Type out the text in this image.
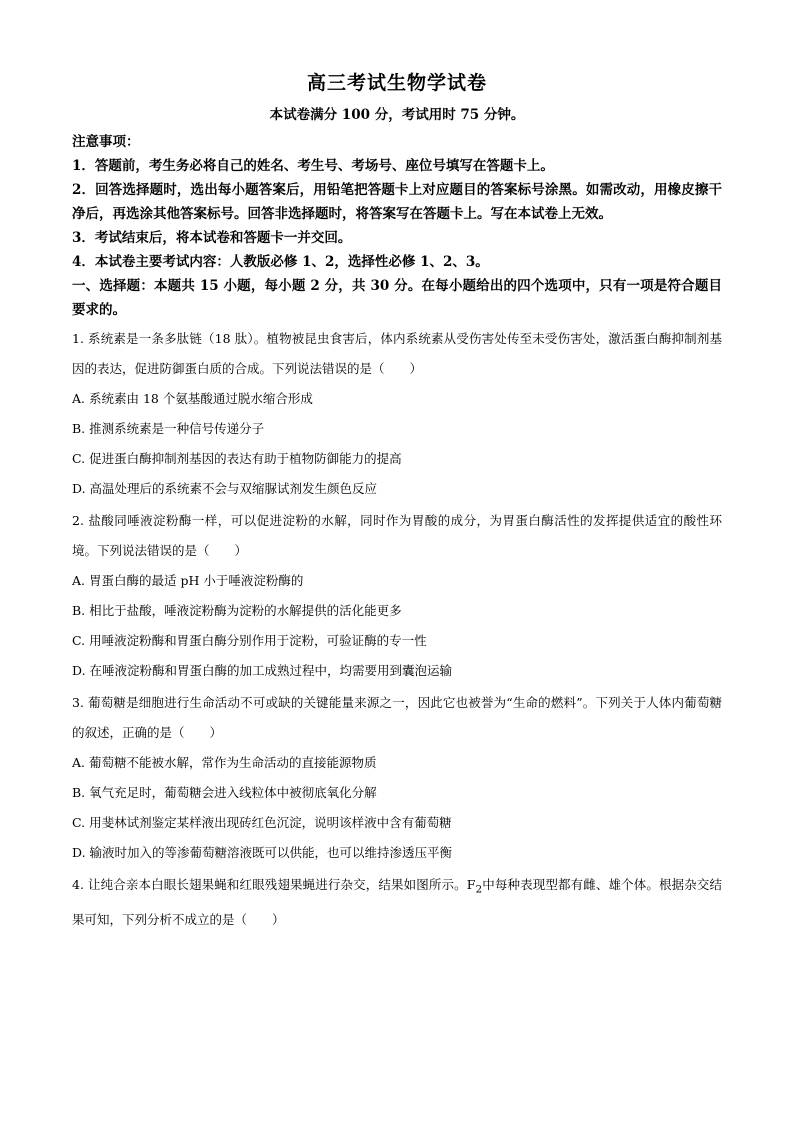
高三考试生物学试卷
本试卷满分 100 分，考试用时 75 分钟。

注意事项：

1．答题前，考生务必将自己的姓名、考生号、考场号、座位号填写在答题卡上。

2．回答选择题时，选出每小题答案后，用铅笔把答题卡上对应题目的答案标号涂黑。如需改动，用橡皮擦干净后，再选涂其他答案标号。回答非选择题时，将答案写在答题卡上。写在本试卷上无效。

3．考试结束后，将本试卷和答题卡一并交回。

4．本试卷主要考试内容：人教版必修 1、2，选择性必修 1、2、3。

一、选择题：本题共 15 小题，每小题 2 分，共 30 分。在每小题给出的四个选项中，只有一项是符合题目要求的。

1. 系统素是一条多肽链（18 肽）。植物被昆虫食害后，体内系统素从受伤害处传至未受伤害处，激活蛋白酶抑制剂基因的表达，促进防御蛋白质的合成。下列说法错误的是（　　）

A. 系统素由 18 个氨基酸通过脱水缩合形成

B. 推测系统素是一种信号传递分子

C. 促进蛋白酶抑制剂基因的表达有助于植物防御能力的提高

D. 高温处理后的系统素不会与双缩脲试剂发生颜色反应

2. 盐酸同唾液淀粉酶一样，可以促进淀粉的水解，同时作为胃酸的成分，为胃蛋白酶活性的发挥提供适宜的酸性环境。下列说法错误的是（　　）

A. 胃蛋白酶的最适 pH 小于唾液淀粉酶的

B. 相比于盐酸，唾液淀粉酶为淀粉的水解提供的活化能更多

C. 用唾液淀粉酶和胃蛋白酶分别作用于淀粉，可验证酶的专一性

D. 在唾液淀粉酶和胃蛋白酶的加工成熟过程中，均需要用到囊泡运输

3. 葡萄糖是细胞进行生命活动不可或缺的关键能量来源之一，因此它也被誉为“生命的燃料”。下列关于人体内葡萄糖的叙述，正确的是（　　）

A. 葡萄糖不能被水解，常作为生命活动的直接能源物质

B. 氧气充足时，葡萄糖会进入线粒体中被彻底氧化分解

C. 用斐林试剂鉴定某样液出现砖红色沉淀，说明该样液中含有葡萄糖

D. 输液时加入的等渗葡萄糖溶液既可以供能，也可以维持渗透压平衡

4. 让纯合亲本白眼长翅果蝇和红眼残翅果蝇进行杂交，结果如图所示。$F_2$中每种表现型都有雌、雄个体。根据杂交结果可知，下列分析不成立的是（　　）
